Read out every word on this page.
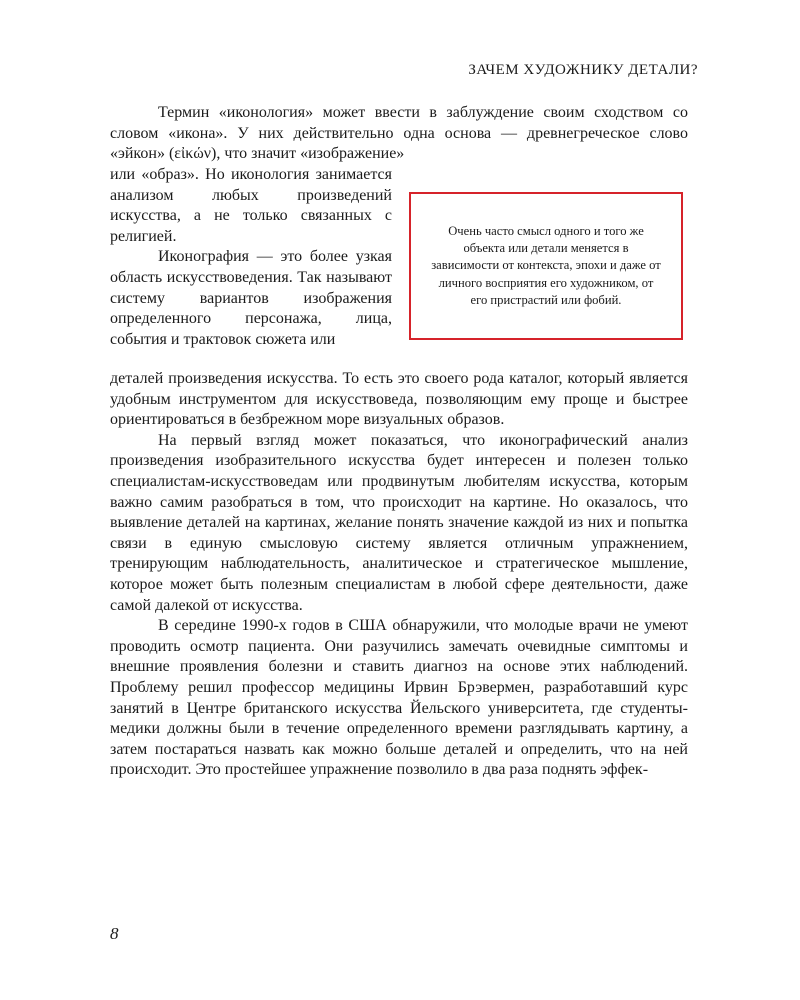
ЗАЧЕМ ХУДОЖНИКУ ДЕТАЛИ?

Термин «иконология» может ввести в заблуждение своим сходством со словом «икона». У них действительно одна основа — древнегреческое слово «эйкон» (εἰκών), что значит «изображение»

или «образ». Но иконология занимается анализом любых произведений искусства, а не только связанных с религией.

Иконография — это более узкая область искусствоведения. Так называют систему вариантов изображения определенного персонажа, лица, события и трактовок сюжета или

Очень часто смысл одного и того же объекта или детали меняется в зависимости от контекста, эпохи и даже от личного восприятия его художником, от его пристрастий или фобий.

деталей произведения искусства. То есть это своего рода каталог, который является удобным инструментом для искусствоведа, позволяющим ему проще и быстрее ориентироваться в безбрежном море визуальных образов.

На первый взгляд может показаться, что иконографический анализ произведения изобразительного искусства будет интересен и полезен только специалистам-искусствоведам или продвинутым любителям искусства, которым важно самим разобраться в том, что происходит на картине. Но оказалось, что выявление деталей на картинах, желание понять значение каждой из них и попытка связи в единую смысловую систему является отличным упражнением, тренирующим наблюдательность, аналитическое и стратегическое мышление, которое может быть полезным специалистам в любой сфере деятельности, даже самой далекой от искусства.

В середине 1990-х годов в США обнаружили, что молодые врачи не умеют проводить осмотр пациента. Они разучились замечать очевидные симптомы и внешние проявления болезни и ставить диагноз на основе этих наблюдений. Проблему решил профессор медицины Ирвин Брэвермен, разработавший курс занятий в Центре британского искусства Йельского университета, где студенты-медики должны были в течение определенного времени разглядывать картину, а затем постараться назвать как можно больше деталей и определить, что на ней происходит. Это простейшее упражнение позволило в два раза поднять эффек-

8
